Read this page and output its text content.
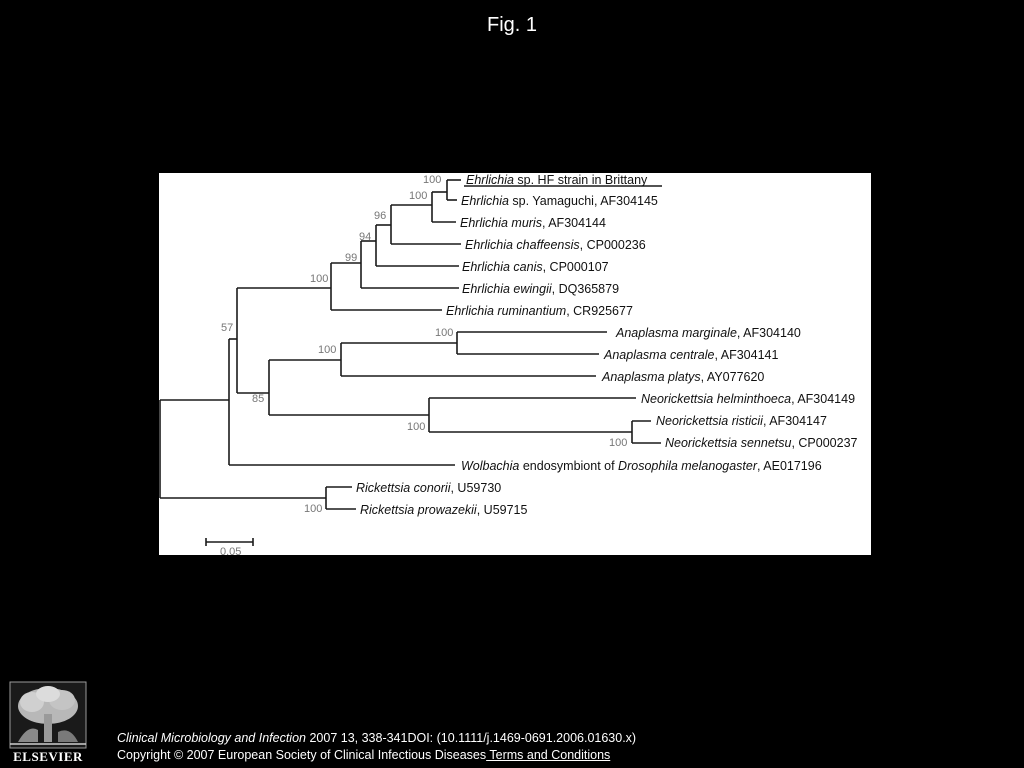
Fig. 1
100
100
96
94
99
100
57	100
100
85
100
100
100
Ehrlichia sp. HF strain in Brittany
Ehrlichia sp. Yamaguchi, AF304145
Ehrlichia muris, AF304144
Ehrlichia chaffeensis, CP000236
Ehrlichia canis, CP000107
Ehrlichia ewingii, DQ365879
Ehrlichia ruminantium, CR925677
Anaplasma marginale, AF304140
Anaplasma centrale, AF304141
Anaplasma platys, AY077620
Neorickettsia helminthoeca, AF304149
Neorickettsia risticii, AF304147
Neorickettsia sennetsu, CP000237
Wolbachia endosymbiont of Drosophila melanogaster, AE017196
Rickettsia conorii, U59730
Rickettsia prowazekii, U59715
0.05
ELSEVIER
Clinical Microbiology and Infection 2007 13, 338-341DOI: (10.1111/j.1469-0691.2006.01630.x)
Copyright © 2007 European Society of Clinical Infectious Diseases Terms and Conditions
